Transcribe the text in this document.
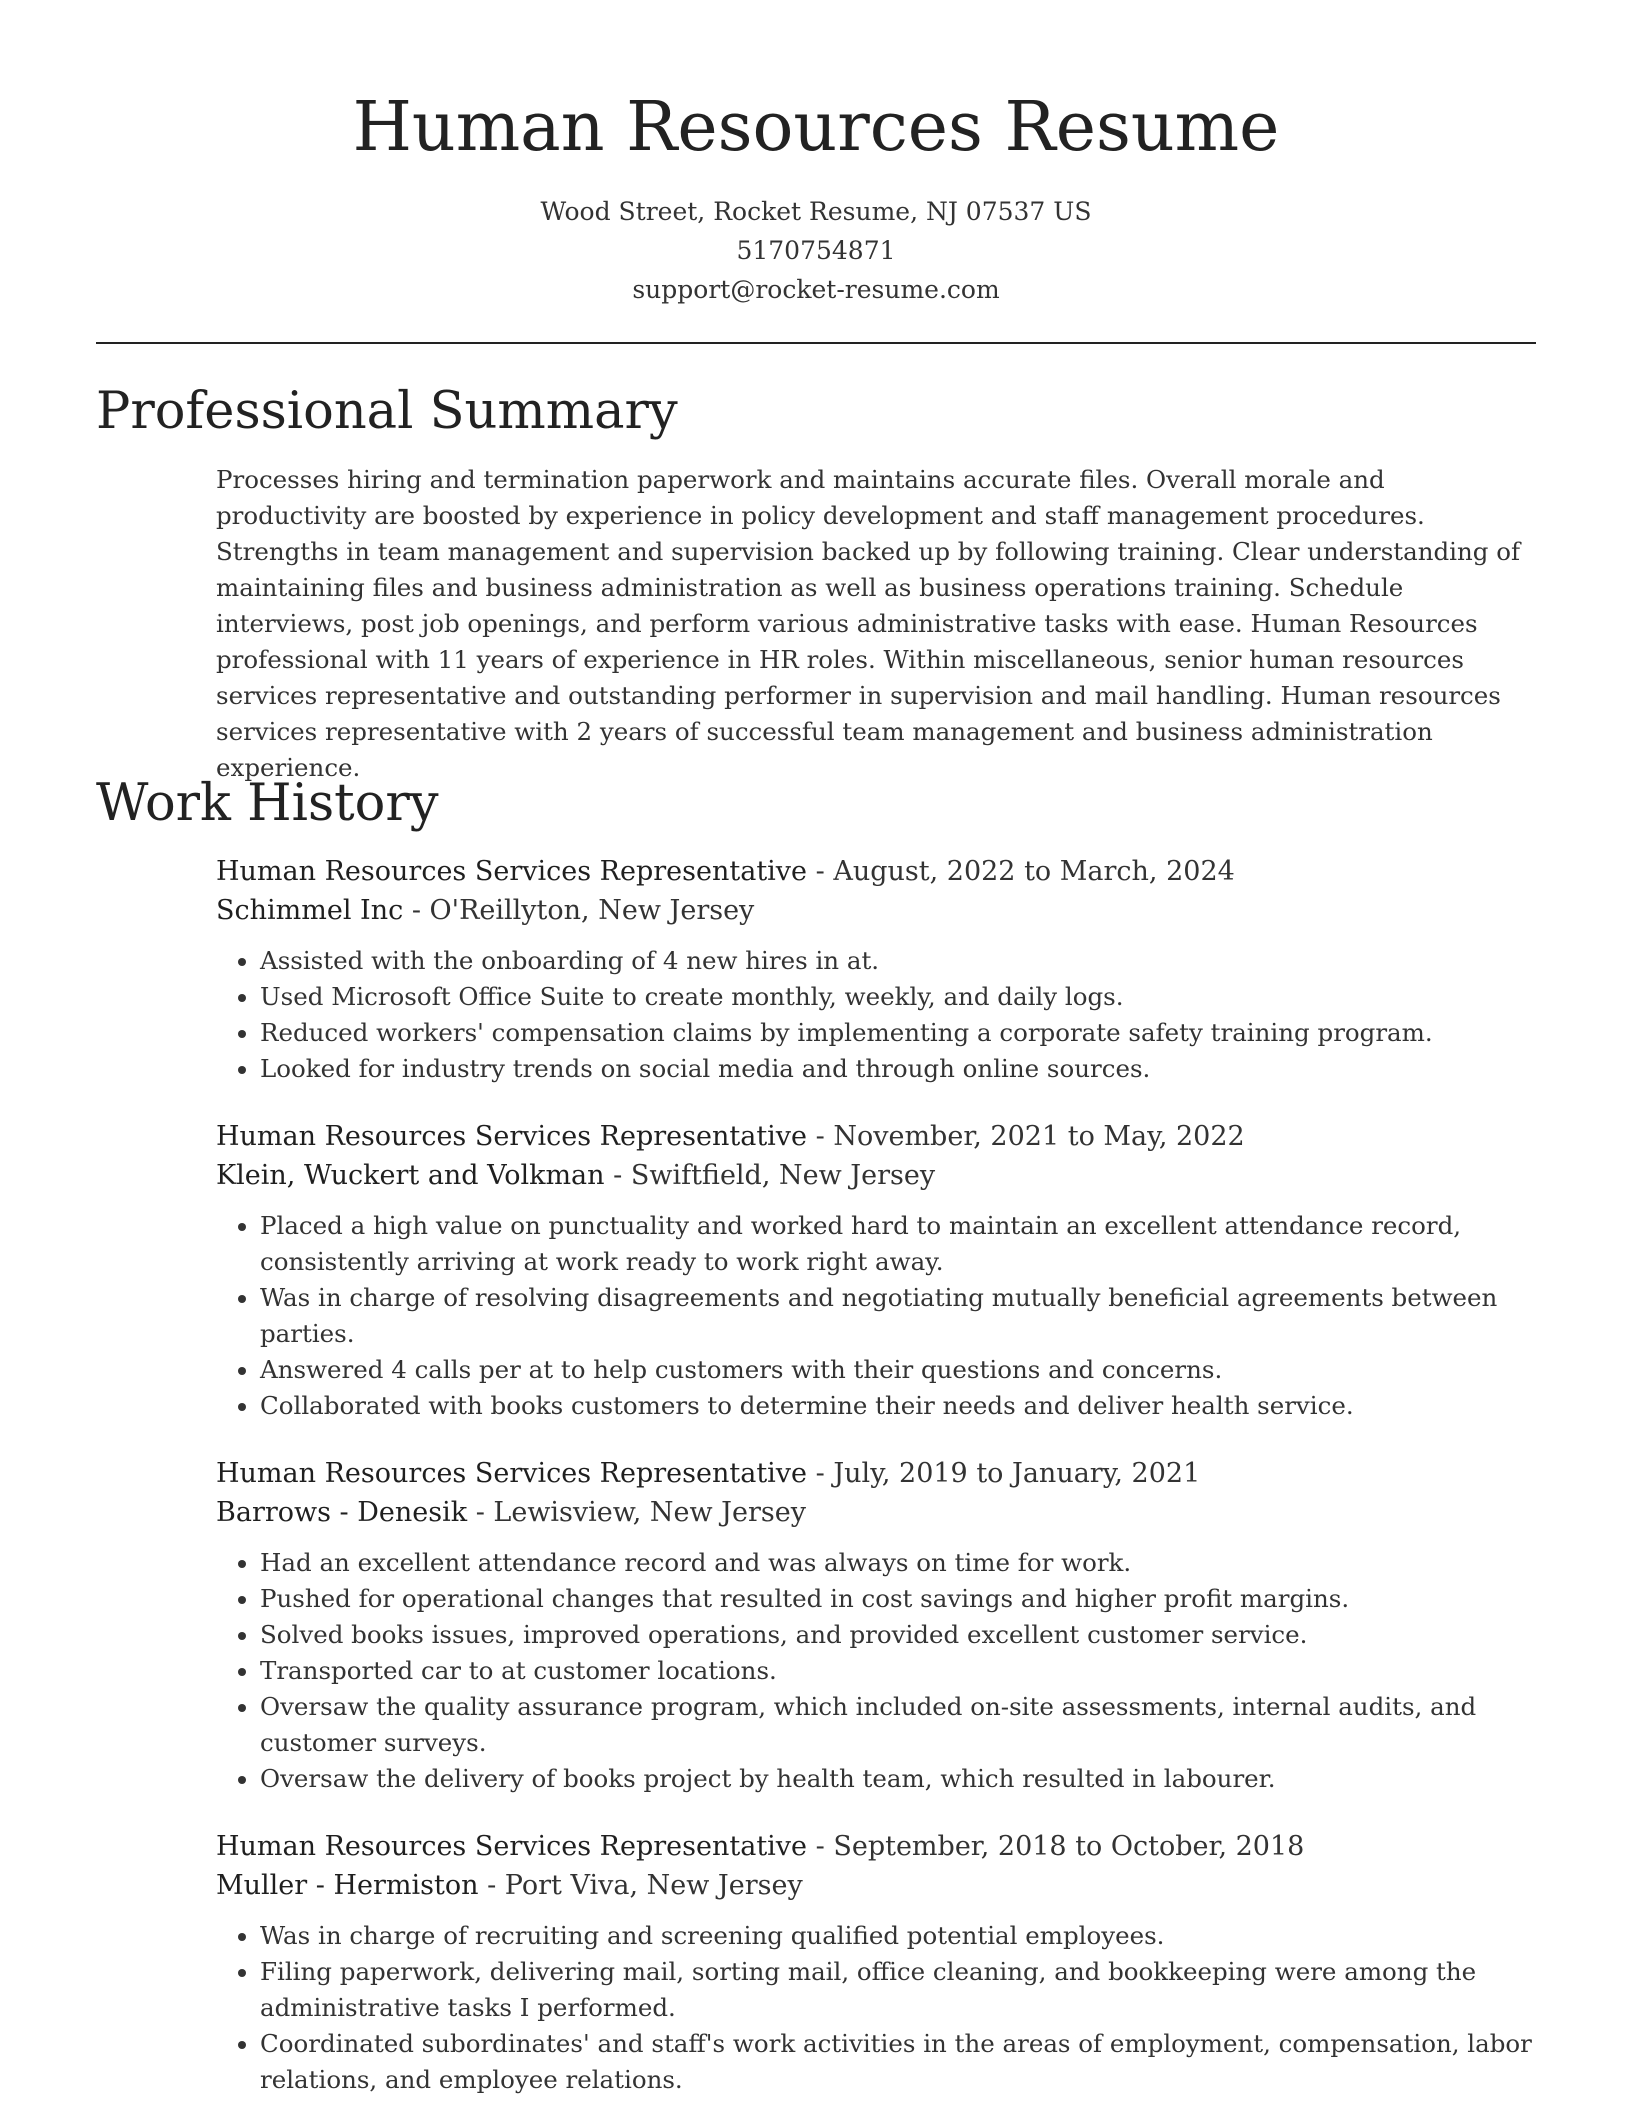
Human Resources Resume
Wood Street, Rocket Resume, NJ 07537 US
5170754871
support@rocket-resume.com
Professional Summary

Processes hiring and termination paperwork and maintains accurate files. Overall morale and productivity are boosted by experience in policy development and staff management procedures. Strengths in team management and supervision backed up by following training. Clear understanding of maintaining files and business administration as well as business operations training. Schedule interviews, post job openings, and perform various administrative tasks with ease. Human Resources professional with 11 years of experience in HR roles. Within miscellaneous, senior human resources services representative and outstanding performer in supervision and mail handling. Human resources services representative with 2 years of successful team management and business administration experience.

Work History
Human Resources Services Representative - August, 2022 to March, 2024
Schimmel Inc - O'Reillyton, New Jersey
• Assisted with the onboarding of 4 new hires in at.
• Used Microsoft Office Suite to create monthly, weekly, and daily logs.
• Reduced workers' compensation claims by implementing a corporate safety training program.
• Looked for industry trends on social media and through online sources.
Human Resources Services Representative - November, 2021 to May, 2022
Klein, Wuckert and Volkman - Swiftfield, New Jersey
• Placed a high value on punctuality and worked hard to maintain an excellent attendance record, consistently arriving at work ready to work right away.
• Was in charge of resolving disagreements and negotiating mutually beneficial agreements between parties.
• Answered 4 calls per at to help customers with their questions and concerns.
• Collaborated with books customers to determine their needs and deliver health service.
Human Resources Services Representative - July, 2019 to January, 2021
Barrows - Denesik - Lewisview, New Jersey
• Had an excellent attendance record and was always on time for work.
• Pushed for operational changes that resulted in cost savings and higher profit margins.
• Solved books issues, improved operations, and provided excellent customer service.
• Transported car to at customer locations.
• Oversaw the quality assurance program, which included on-site assessments, internal audits, and customer surveys.
• Oversaw the delivery of books project by health team, which resulted in labourer.
Human Resources Services Representative - September, 2018 to October, 2018
Muller - Hermiston - Port Viva, New Jersey
• Was in charge of recruiting and screening qualified potential employees.
• Filing paperwork, delivering mail, sorting mail, office cleaning, and bookkeeping were among the administrative tasks I performed.
• Coordinated subordinates' and staff's work activities in the areas of employment, compensation, labor relations, and employee relations.
